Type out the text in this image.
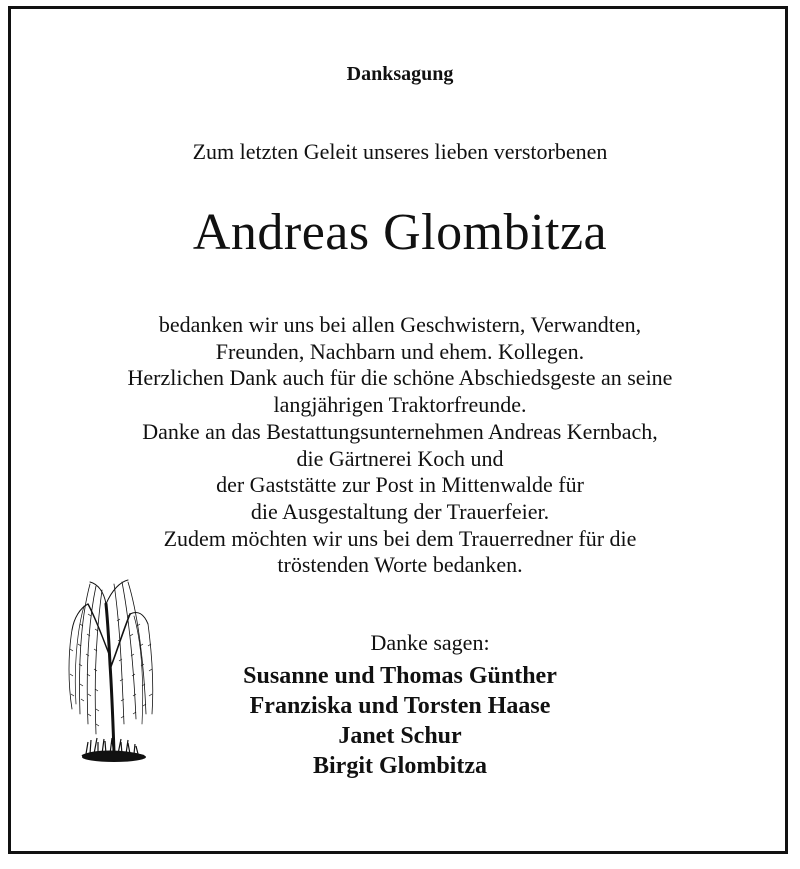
Danksagung
Zum letzten Geleit unseres lieben verstorbenen
Andreas Glombitza
bedanken wir uns bei allen Geschwistern, Verwandten,
Freunden, Nachbarn und ehem. Kollegen.
Herzlichen Dank auch für die schöne Abschiedsgeste an seine
langjährigen Traktorfreunde.
Danke an das Bestattungsunternehmen Andreas Kernbach,
die Gärtnerei Koch und
der Gaststätte zur Post in Mittenwalde für
die Ausgestaltung der Trauerfeier.
Zudem möchten wir uns bei dem Trauerredner für die
tröstenden Worte bedanken.
Danke sagen:
Susanne und Thomas Günther
Franziska und Torsten Haase
Janet Schur
Birgit Glombitza
